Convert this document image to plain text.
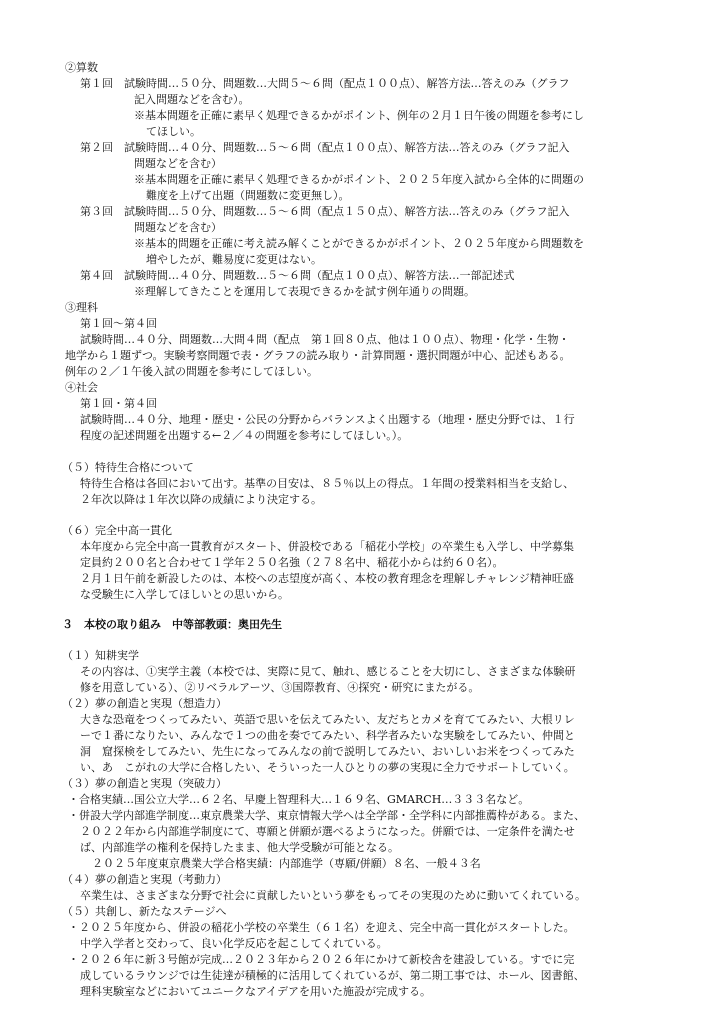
②算数
第１回　試験時間…５０分、問題数…大問５～６問（配点１００点）、解答方法…答えのみ（グラフ
記入問題などを含む）。
※基本問題を正確に素早く処理できるかがポイント、例年の２月１日午後の問題を参考にし
てほしい。
第２回　試験時間…４０分、問題数…５～６問（配点１００点）、解答方法…答えのみ（グラフ記入
問題などを含む）
※基本問題を正確に素早く処理できるかがポイント、２０２５年度入試から全体的に問題の
難度を上げて出題（問題数に変更無し）。
第３回　試験時間…５０分、問題数…５～６問（配点１５０点）、解答方法…答えのみ（グラフ記入
問題などを含む）
※基本的問題を正確に考え読み解くことができるかがポイント、２０２５年度から問題数を
増やしたが、難易度に変更はない。
第４回　試験時間…４０分、問題数…５～６問（配点１００点）、解答方法…一部記述式
※理解してきたことを運用して表現できるかを試す例年通りの問題。
③理科
第１回～第４回
試験時間…４０分、問題数…大問４問（配点　第１回８０点、他は１００点）、物理・化学・生物・
地学から１題ずつ。実験考察問題で表・グラフの読み取り・計算問題・選択問題が中心、記述もある。
例年の２／１午後入試の問題を参考にしてほしい。
④社会
第１回・第４回
試験時間…４０分、地理・歴史・公民の分野からバランスよく出題する（地理・歴史分野では、１行
程度の記述問題を出題する←２／４の問題を参考にしてほしい。）。
（５）特待生合格について
特待生合格は各回において出す。基準の目安は、８５％以上の得点。１年間の授業料相当を支給し、
２年次以降は１年次以降の成績により決定する。
（６）完全中高一貫化
本年度から完全中高一貫教育がスタート、併設校である「稲花小学校」の卒業生も入学し、中学募集
定員約２００名と合わせて１学年２５０名強（２７８名中、稲花小からは約６０名）。
２月１日午前を新設したのは、本校への志望度が高く、本校の教育理念を理解しチャレンジ精神旺盛
な受験生に入学してほしいとの思いから。
３　本校の取り組み　中等部教頭：奥田先生
（１）知耕実学
その内容は、①実学主義（本校では、実際に見て、触れ、感じることを大切にし、さまざまな体験研
修を用意している）、②リベラルアーツ、③国際教育、④探究・研究にまたがる。
（２）夢の創造と実現（想造力）
大きな恐竜をつくってみたい、英語で思いを伝えてみたい、友だちとカメを育ててみたい、大根リレ
ーで１番になりたい、みんなで１つの曲を奏でてみたい、科学者みたいな実験をしてみたい、仲間と
洞　窟探検をしてみたい、先生になってみんなの前で説明してみたい、おいしいお米をつくってみた
い、あ　こがれの大学に合格したい、そういった一人ひとりの夢の実現に全力でサポートしていく。
（３）夢の創造と実現（突破力）
・合格実績…国公立大学…６２名、早慶上智理科大…１６９名、GMARCH…３３３名など。
・併設大学内部進学制度…東京農業大学、東京情報大学へは全学部・全学科に内部推薦枠がある。また、
２０２２年から内部進学制度にて、専願と併願が選べるようになった。併願では、一定条件を満たせ
ば、内部進学の権利を保持したまま、他大学受験が可能となる。
２０２５年度東京農業大学合格実績：内部進学（専願/併願）８名、一般４３名
（４）夢の創造と実現（考動力）
卒業生は、さまざまな分野で社会に貢献したいという夢をもってその実現のために動いてくれている。
（５）共創し、新たなステージへ
・２０２５年度から、併設の稲花小学校の卒業生（６１名）を迎え、完全中高一貫化がスタートした。
中学入学者と交わって、良い化学反応を起こしてくれている。
・２０２６年に新３号館が完成…２０２３年から２０２６年にかけて新校舎を建設している。すでに完
成しているラウンジでは生徒達が積極的に活用してくれているが、第二期工事では、ホール、図書館、
理科実験室などにおいてユニークなアイデアを用いた施設が完成する。
